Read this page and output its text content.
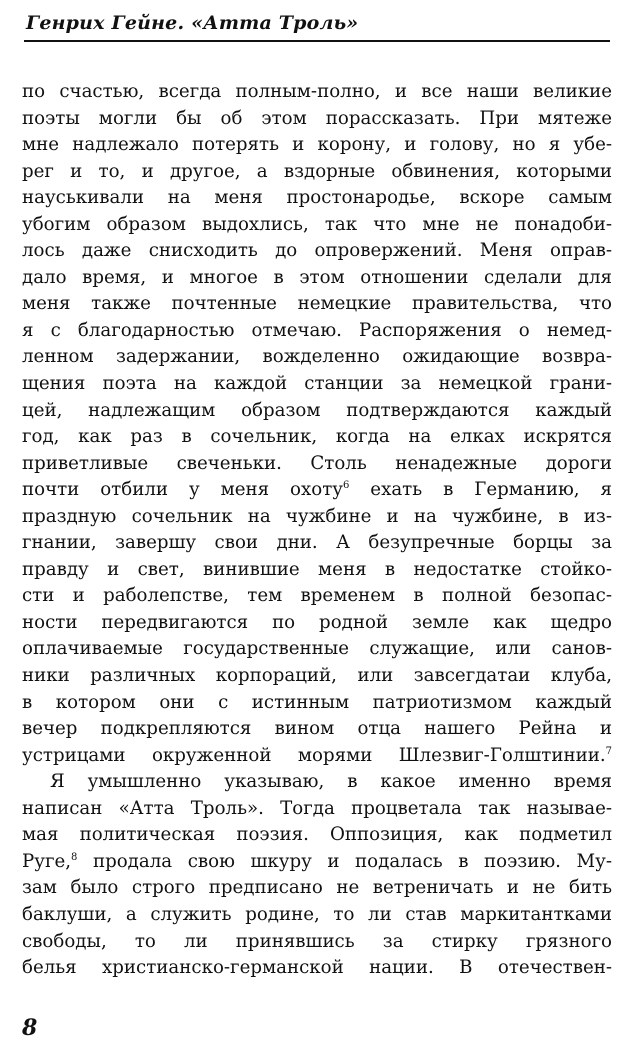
Генрих Гейне. «Атта Троль»
по счастью, всегда полным-полно, и все наши великие
поэты могли бы об этом порассказать. При мятеже
мне надлежало потерять и корону, и голову, но я убе-
рег и то, и другое, а вздорные обвинения, которыми
науськивали на меня простонародье, вскоре самым
убогим образом выдохлись, так что мне не понадоби-
лось даже снисходить до опровержений. Меня оправ-
дало время, и многое в этом отношении сделали для
меня также почтенные немецкие правительства, что
я с благодарностью отмечаю. Распоряжения о немед-
ленном задержании, вожделенно ожидающие возвра-
щения поэта на каждой станции за немецкой грани-
цей, надлежащим образом подтверждаются каждый
год, как раз в сочельник, когда на елках искрятся
приветливые свеченьки. Столь ненадежные дороги
почти отбили у меня охоту$^6$ ехать в Германию, я
праздную сочельник на чужбине и на чужбине, в из-
гнании, завершу свои дни. А безупречные борцы за
правду и свет, винившие меня в недостатке стойко-
сти и раболепстве, тем временем в полной безопас-
ности передвигаются по родной земле как щедро
оплачиваемые государственные служащие, или санов-
ники различных корпораций, или завсегдатаи клуба,
в котором они с истинным патриотизмом каждый
вечер подкрепляются вином отца нашего Рейна и
устрицами окруженной морями Шлезвиг-Голштинии.$^7$
Я умышленно указываю, в какое именно время
написан «Атта Троль». Тогда процветала так называе-
мая политическая поэзия. Оппозиция, как подметил
Руге,$^8$ продала свою шкуру и подалась в поэзию. Му-
зам было строго предписано не ветреничать и не бить
баклуши, а служить родине, то ли став маркитантками
свободы, то ли принявшись за стирку грязного
белья христианско-германской нации. В отечествен-
8
